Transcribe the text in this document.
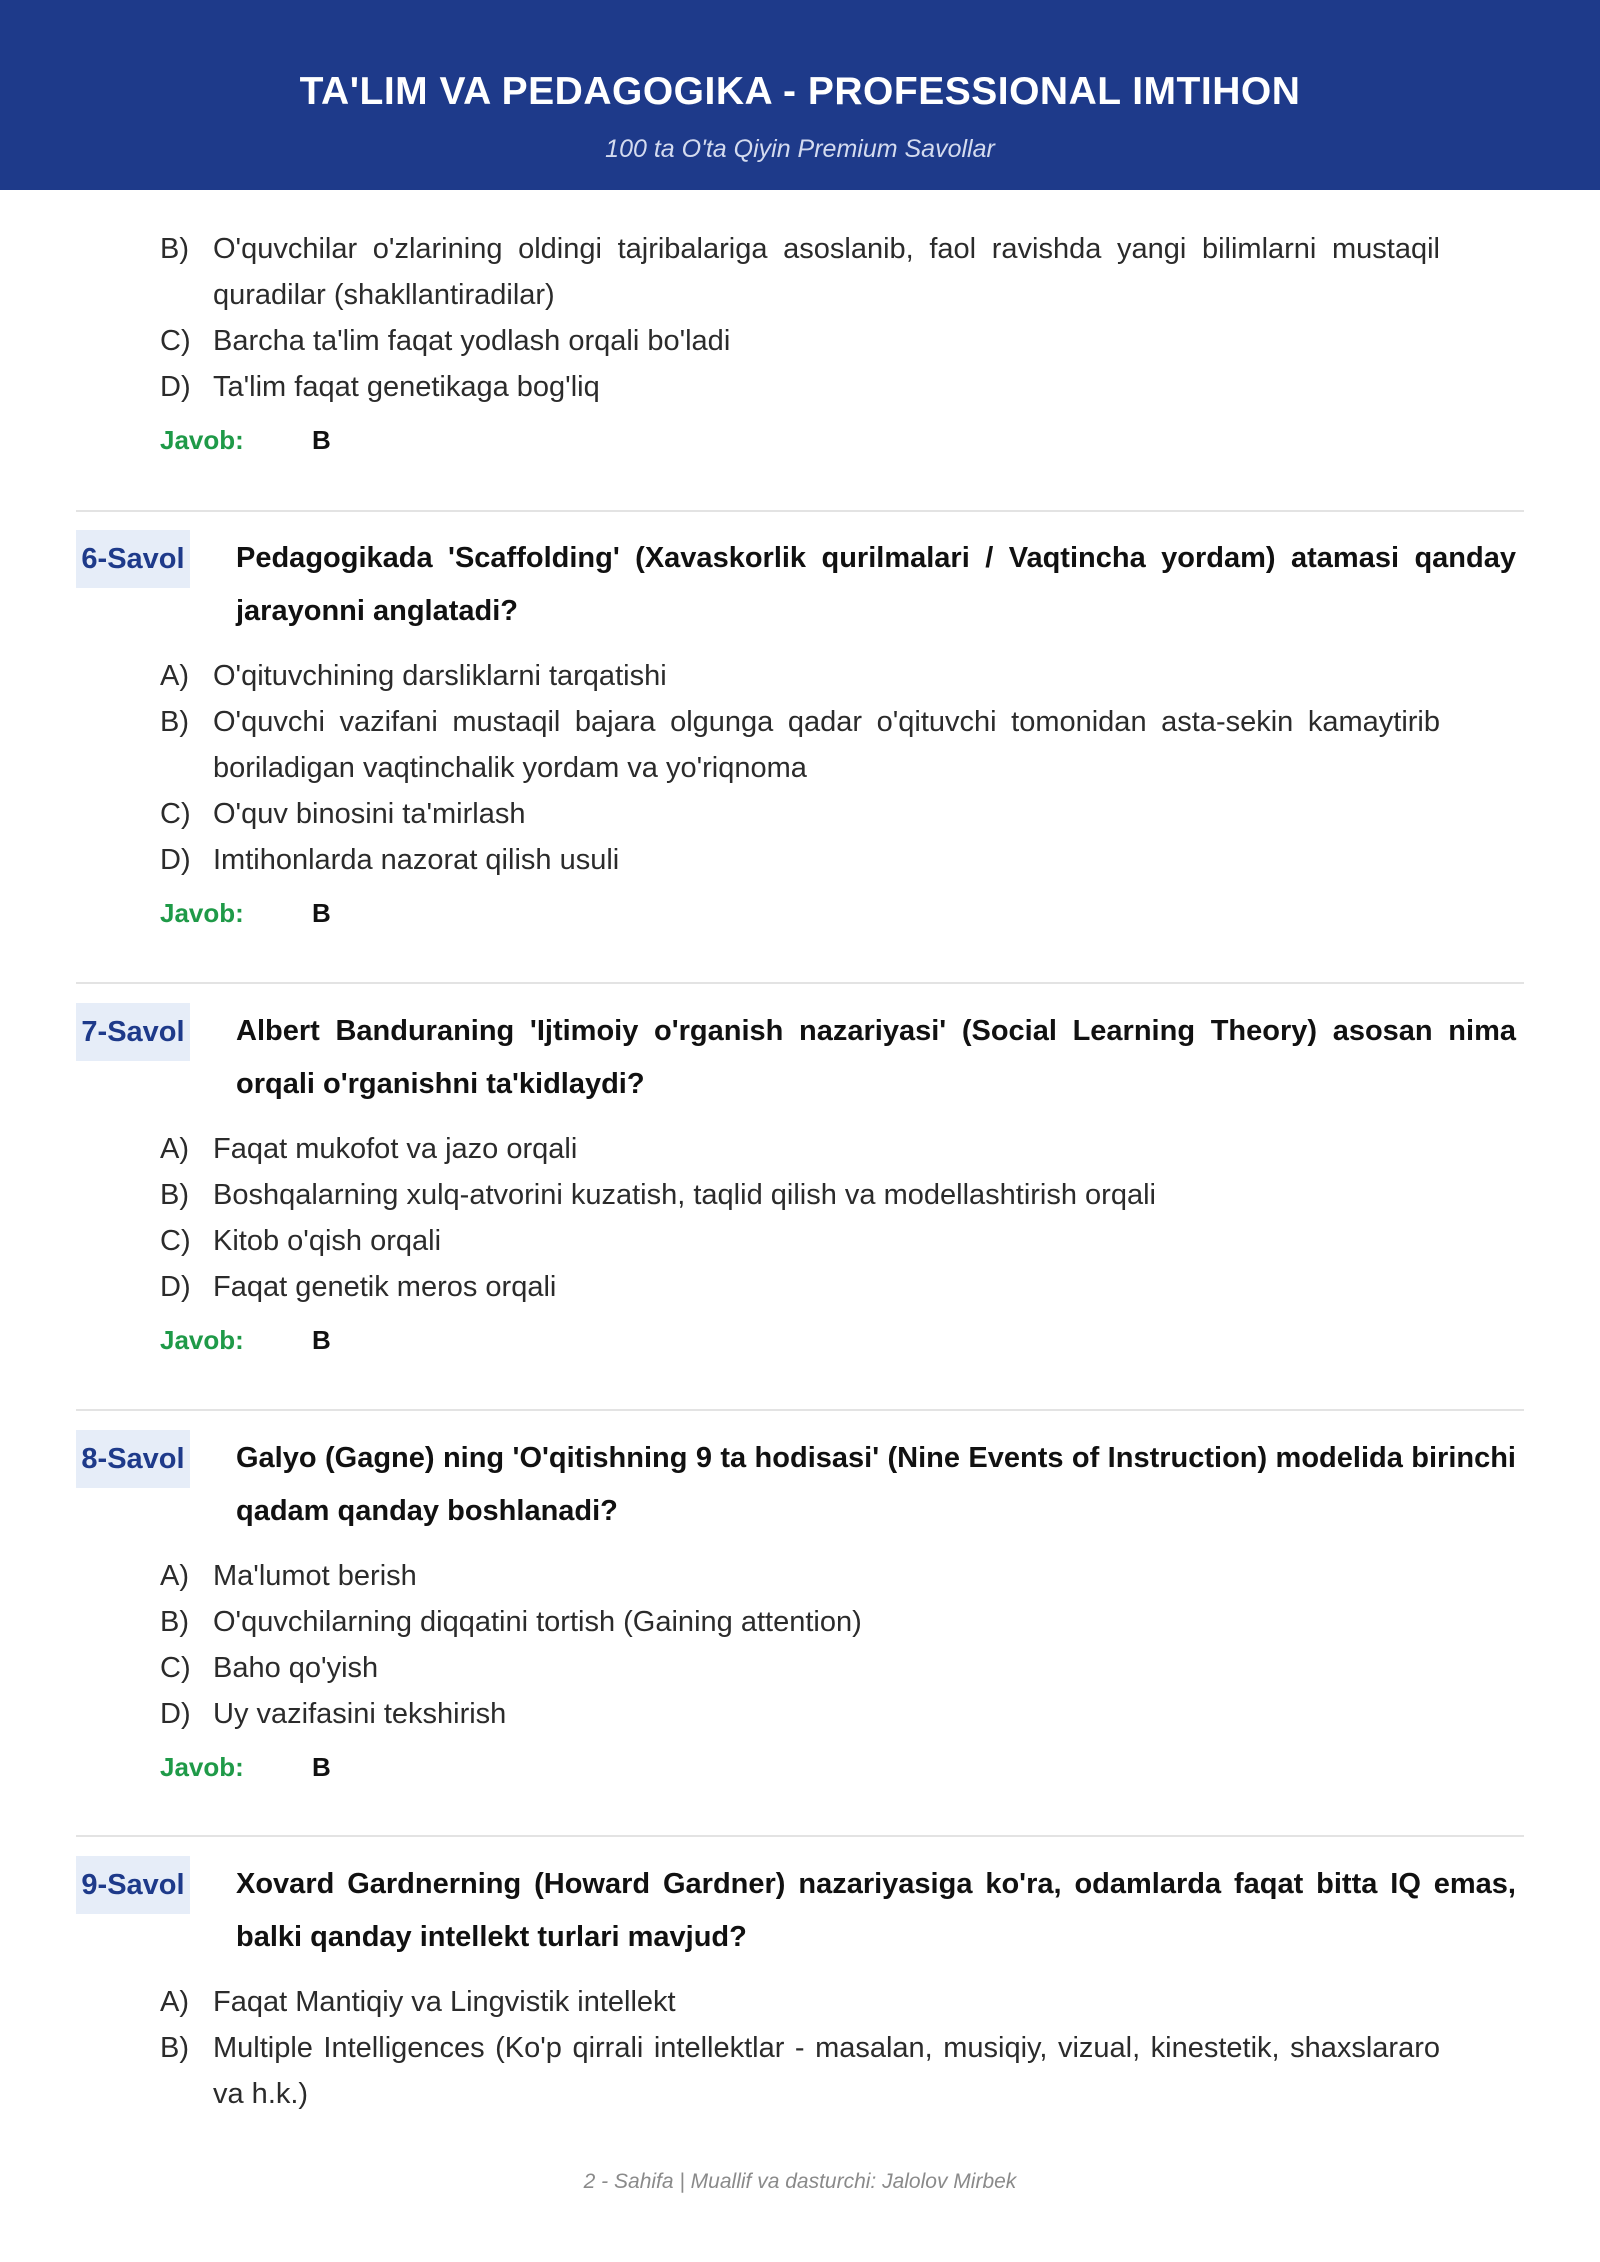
TA'LIM VA PEDAGOGIKA - PROFESSIONAL IMTIHON
100 ta O'ta Qiyin Premium Savollar
B) O'quvchilar o'zlarining oldingi tajribalariga asoslanib, faol ravishda yangi bilimlarni mustaqil quradilar (shakllantiradilar)
C) Barcha ta'lim faqat yodlash orqali bo'ladi
D) Ta'lim faqat genetikaga bog'liq
Javob:	B
6-Savol Pedagogikada 'Scaffolding' (Xavaskorlik qurilmalari / Vaqtincha yordam) atamasi qanday jarayonni anglatadi?
A) O'qituvchining darsliklarni tarqatishi
B) O'quvchi vazifani mustaqil bajara olgunga qadar o'qituvchi tomonidan asta-sekin kamaytirib boriladigan vaqtinchalik yordam va yo'riqnoma
C) O'quv binosini ta'mirlash
D) Imtihonlarda nazorat qilish usuli
Javob:	B
7-Savol Albert Banduraning 'Ijtimoiy o'rganish nazariyasi' (Social Learning Theory) asosan nima orqali o'rganishni ta'kidlaydi?
A) Faqat mukofot va jazo orqali
B) Boshqalarning xulq-atvorini kuzatish, taqlid qilish va modellashtirish orqali
C) Kitob o'qish orqali
D) Faqat genetik meros orqali
Javob:	B
8-Savol Galyo (Gagne) ning 'O'qitishning 9 ta hodisasi' (Nine Events of Instruction) modelida birinchi qadam qanday boshlanadi?
A) Ma'lumot berish
B) O'quvchilarning diqqatini tortish (Gaining attention)
C) Baho qo'yish
D) Uy vazifasini tekshirish
Javob:	B
9-Savol Xovard Gardnerning (Howard Gardner) nazariyasiga ko'ra, odamlarda faqat bitta IQ emas, balki qanday intellekt turlari mavjud?
A) Faqat Mantiqiy va Lingvistik intellekt
B) Multiple Intelligences (Ko'p qirrali intellektlar - masalan, musiqiy, vizual, kinestetik, shaxslararo va h.k.)
2 - Sahifa | Muallif va dasturchi: Jalolov Mirbek
